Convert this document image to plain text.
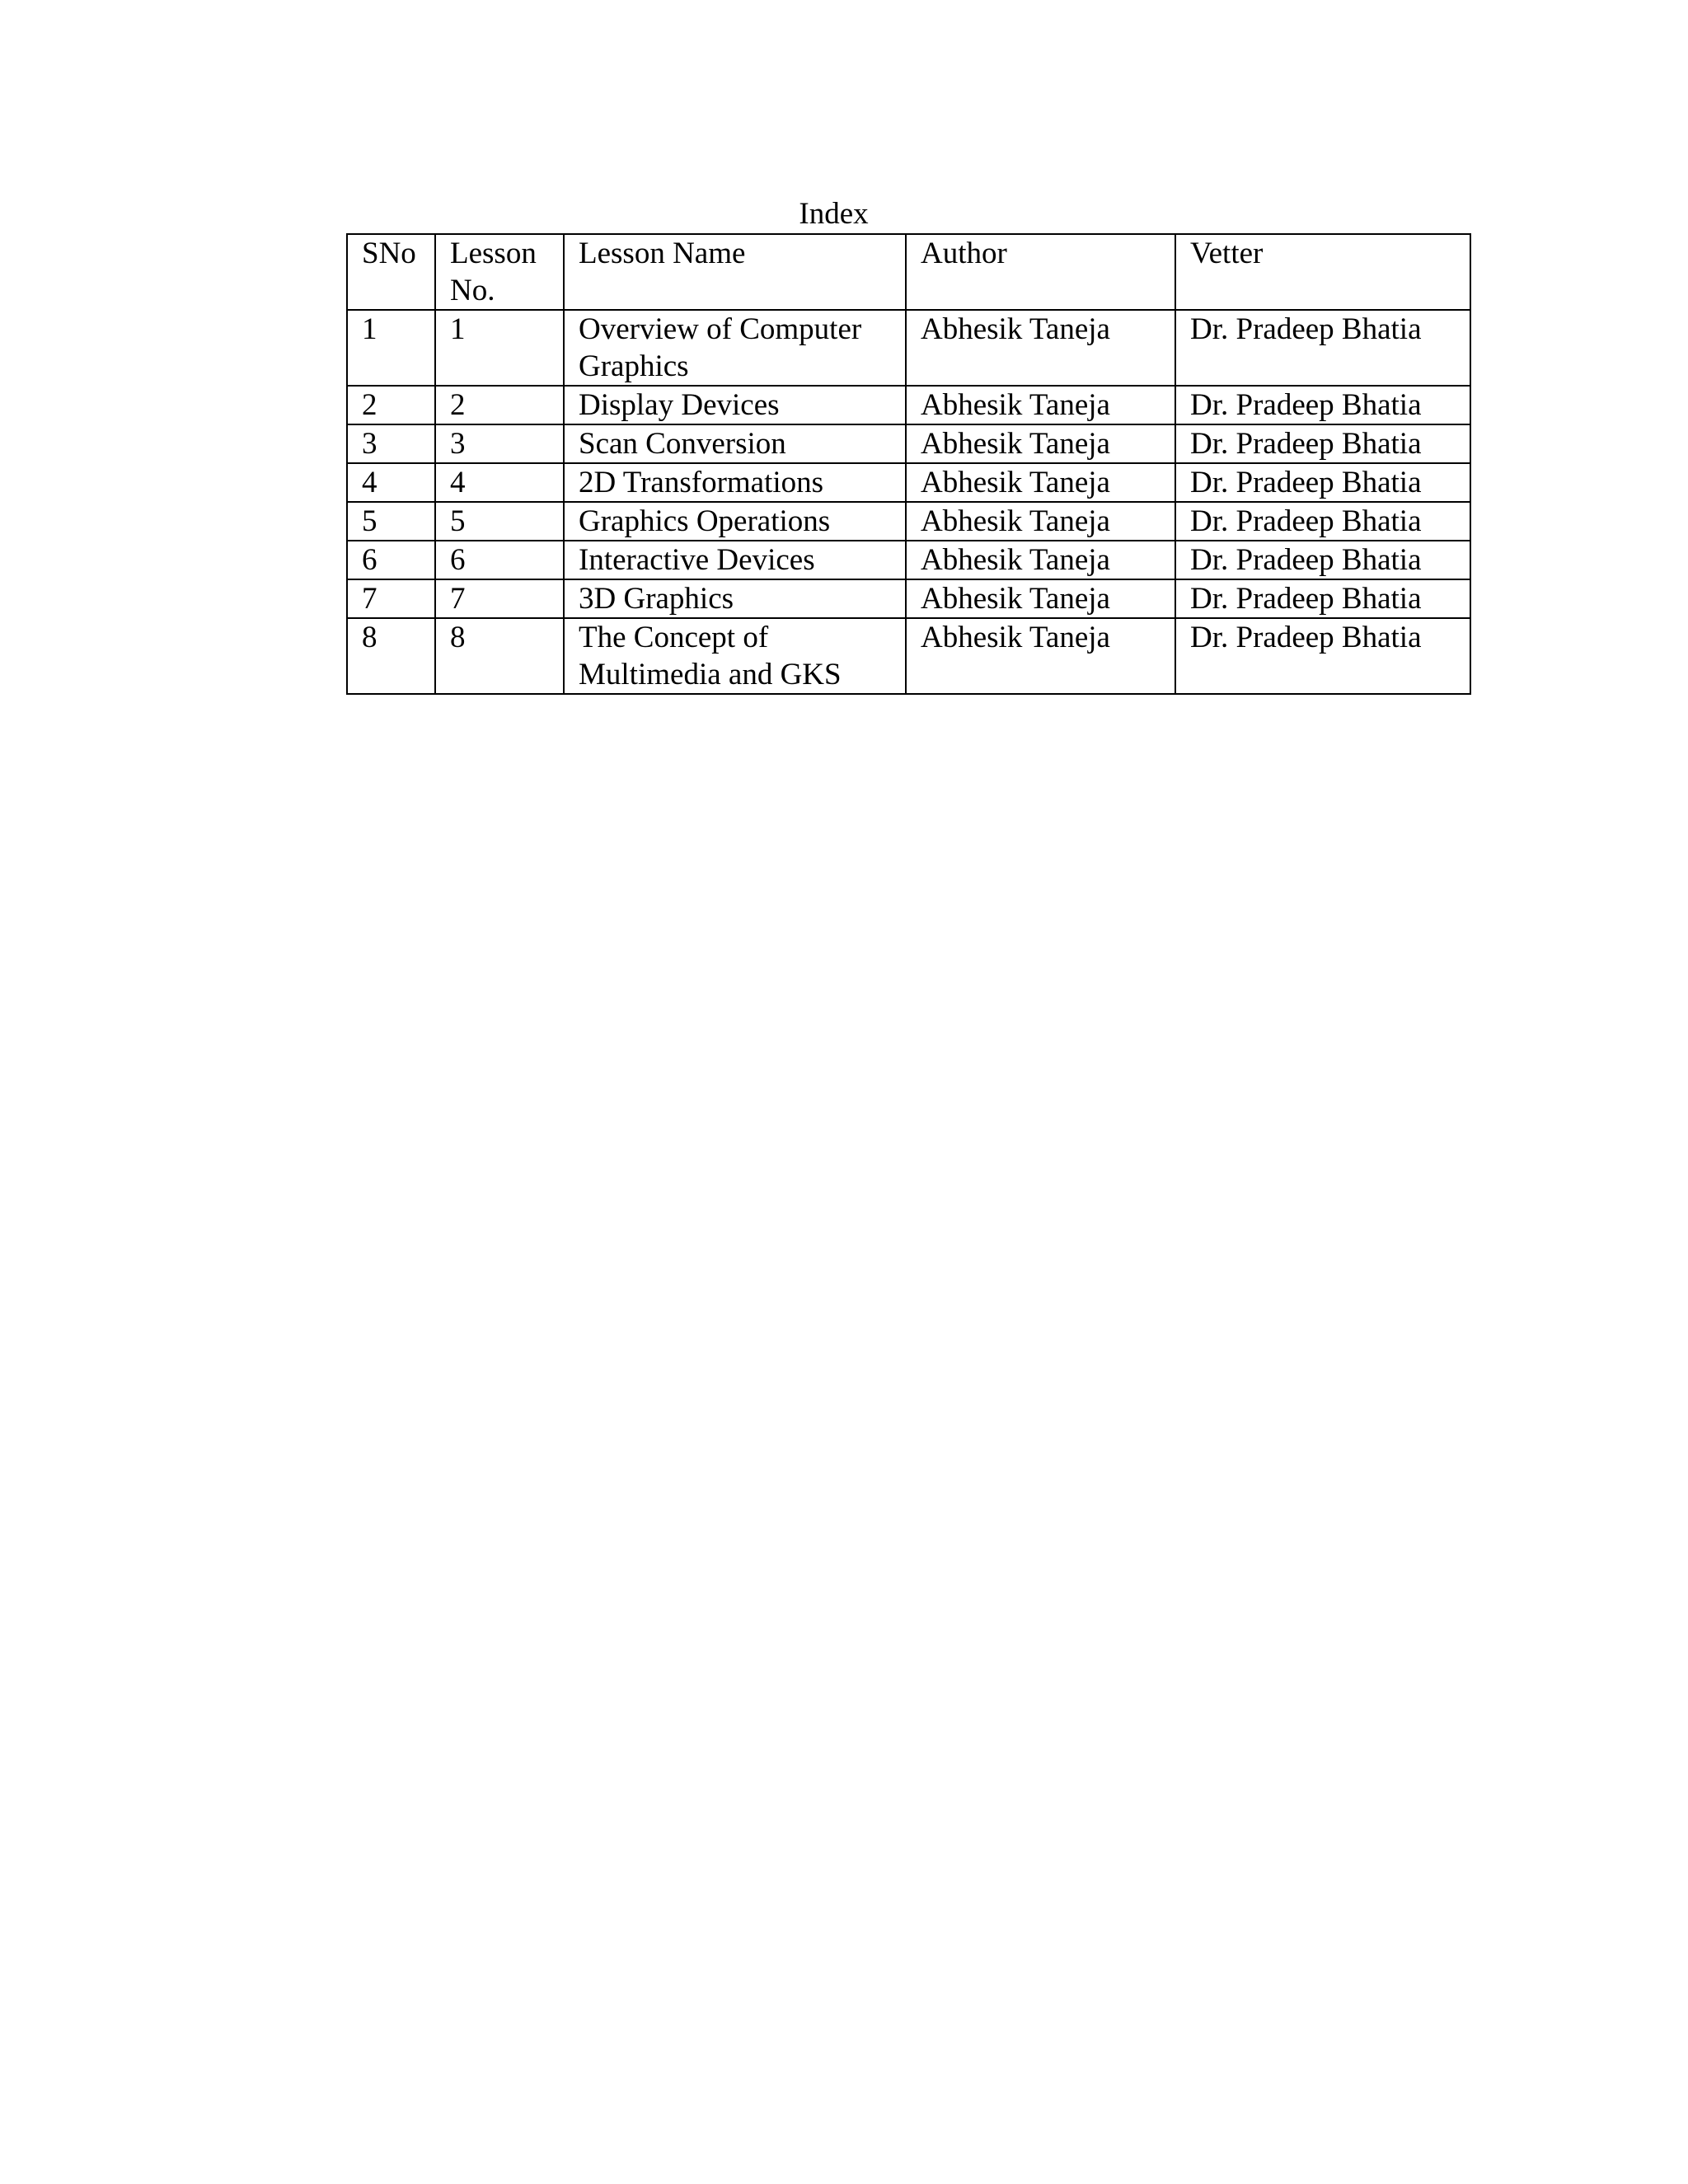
Index
SNo	Lesson No.	Lesson Name	Author	Vetter
1	1	Overview of Computer Graphics	Abhesik Taneja	Dr. Pradeep Bhatia
2	2	Display Devices	Abhesik Taneja	Dr. Pradeep Bhatia
3	3	Scan Conversion	Abhesik Taneja	Dr. Pradeep Bhatia
4	4	2D Transformations	Abhesik Taneja	Dr. Pradeep Bhatia
5	5	Graphics Operations	Abhesik Taneja	Dr. Pradeep Bhatia
6	6	Interactive Devices	Abhesik Taneja	Dr. Pradeep Bhatia
7	7	3D Graphics	Abhesik Taneja	Dr. Pradeep Bhatia
8	8	The Concept of Multimedia and GKS	Abhesik Taneja	Dr. Pradeep Bhatia
